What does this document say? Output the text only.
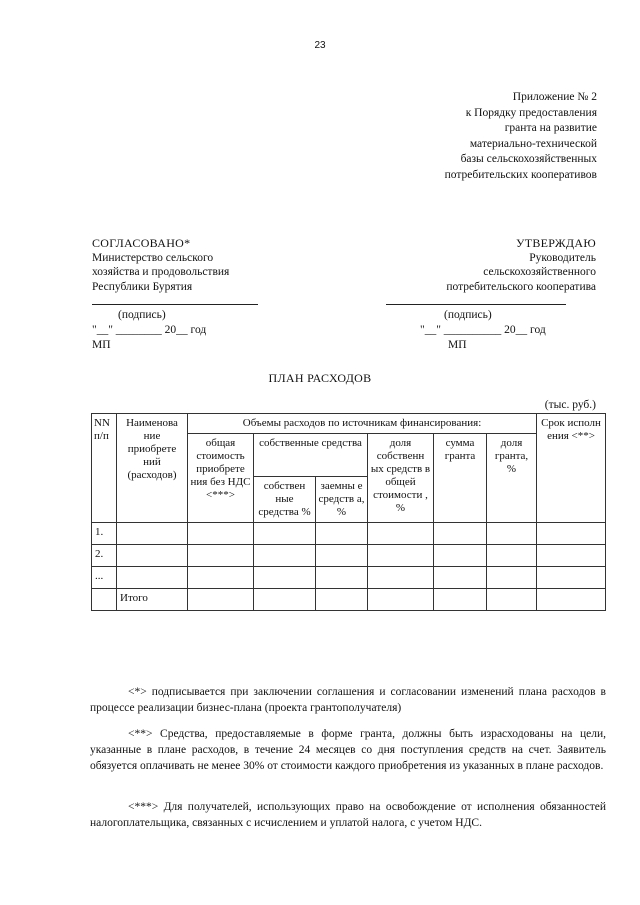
23
Приложение № 2
к Порядку предоставления
гранта на развитие
материально-технической
базы сельскохозяйственных
потребительских кооперативов
СОГЛАСОВАНО*
Министерство сельского
хозяйства и продовольствия
Республики Бурятия
(подпись)
"__" ________ 20__ год
МП
УТВЕРЖДАЮ
Руководитель
сельскохозяйственного
потребительского кооператива
(подпись)
"__" __________ 20__ год
МП
ПЛАН РАСХОДОВ
(тыс. руб.)
NN п/п	Наименова ние приобрете ний (расходов)	Объемы расходов по источникам финансирования:						Срок исполн ения <**>
		общая стоимость приобрете ния без НДС <***>	собственные средства		доля собственн ых средств в общей стоимости , %	сумма гранта	доля гранта, %	
			собствен ные средства %	заемны е средств а, %				
1.								
2.								
...								
	Итого							

<*> подписывается при заключении соглашения и согласовании изменений плана расходов в процессе реализации бизнес-плана (проекта грантополучателя)

<**> Средства, предоставляемые в форме гранта, должны быть израсходованы на цели, указанные в плане расходов, в течение 24 месяцев со дня поступления средств на счет. Заявитель обязуется оплачивать не менее 30% от стоимости каждого приобретения из указанных в плане расходов.

<***> Для получателей, использующих право на освобождение от исполнения обязанностей налогоплательщика, связанных с исчислением и уплатой налога, с учетом НДС.
